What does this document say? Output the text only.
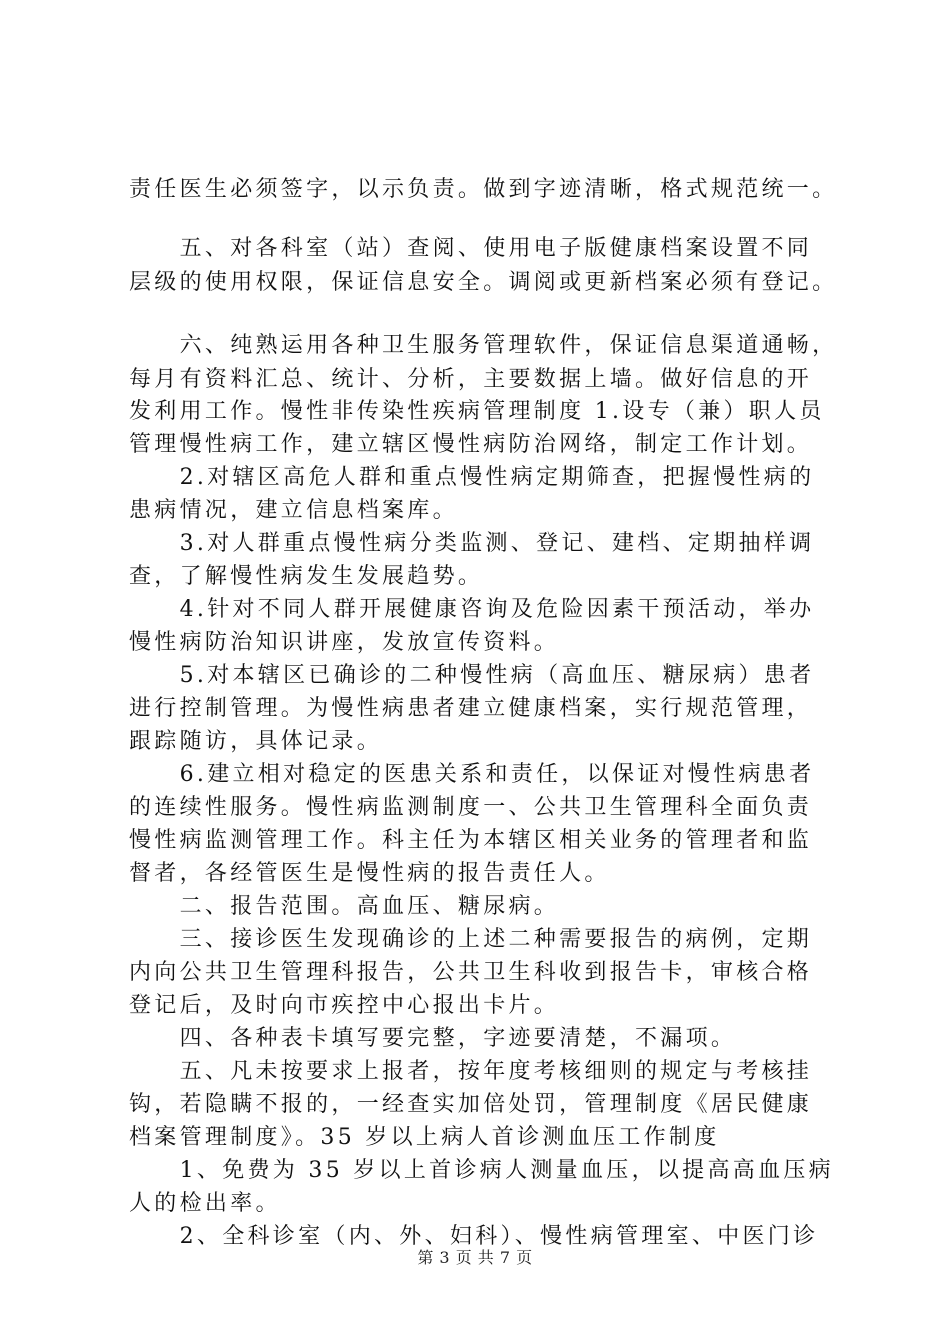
责任医生必须签字，以示负责。做到字迹清晰，格式规范统一。
　　五、对各科室（站）查阅、使用电子版健康档案设置不同
层级的使用权限，保证信息安全。调阅或更新档案必须有登记。
　　六、纯熟运用各种卫生服务管理软件，保证信息渠道通畅，
每月有资料汇总、统计、分析，主要数据上墙。做好信息的开
发利用工作。慢性非传染性疾病管理制度 1.设专（兼）职人员
管理慢性病工作，建立辖区慢性病防治网络，制定工作计划。
　　2.对辖区高危人群和重点慢性病定期筛查，把握慢性病的
患病情况，建立信息档案库。
　　3.对人群重点慢性病分类监测、登记、建档、定期抽样调
查，了解慢性病发生发展趋势。
　　4.针对不同人群开展健康咨询及危险因素干预活动，举办
慢性病防治知识讲座，发放宣传资料。
　　5.对本辖区已确诊的二种慢性病（高血压、糖尿病）患者
进行控制管理。为慢性病患者建立健康档案，实行规范管理，
跟踪随访，具体记录。
　　6.建立相对稳定的医患关系和责任，以保证对慢性病患者
的连续性服务。慢性病监测制度一、公共卫生管理科全面负责
慢性病监测管理工作。科主任为本辖区相关业务的管理者和监
督者，各经管医生是慢性病的报告责任人。
　　二、报告范围。高血压、糖尿病。
　　三、接诊医生发现确诊的上述二种需要报告的病例，定期
内向公共卫生管理科报告，公共卫生科收到报告卡，审核合格
登记后，及时向市疾控中心报出卡片。
　　四、各种表卡填写要完整，字迹要清楚，不漏项。
　　五、凡未按要求上报者，按年度考核细则的规定与考核挂
钩，若隐瞒不报的，一经查实加倍处罚，管理制度《居民健康
档案管理制度》。35 岁以上病人首诊测血压工作制度
　　1、免费为 35 岁以上首诊病人测量血压，以提高高血压病
人的检出率。
　　2、全科诊室（内、外、妇科）、慢性病管理室、中医门诊
第 3 页 共 7 页
